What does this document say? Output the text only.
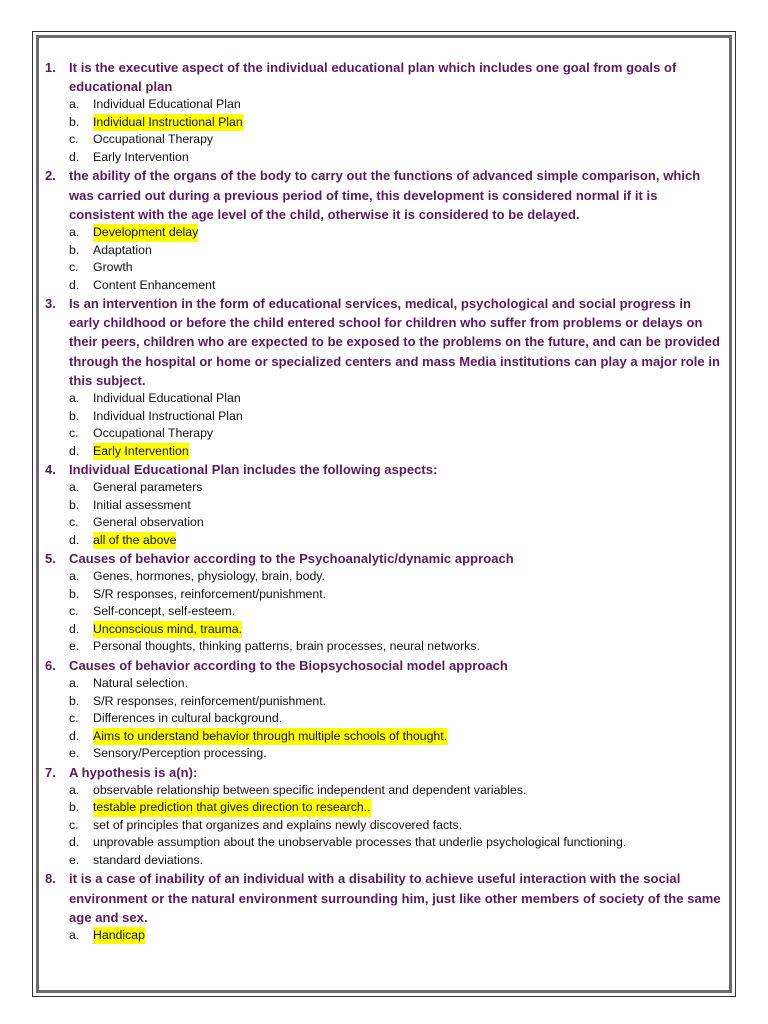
1.	It is the executive aspect of the individual educational plan which includes one goal from goals of educational plan
a.	Individual Educational Plan
b.	Individual Instructional Plan
c.	Occupational Therapy
d.	Early Intervention
2.	the ability of the organs of the body to carry out the functions of advanced simple comparison, which was carried out during a previous period of time, this development is considered normal if it is consistent with the age level of the child, otherwise it is considered to be delayed.
a.	Development delay
b.	Adaptation
c.	Growth
d.	Content Enhancement
3.	Is an intervention in the form of educational services, medical, psychological and social progress in early childhood or before the child entered school for children who suffer from problems or delays on their peers, children who are expected to be exposed to the problems on the future, and can be provided through the hospital or home or specialized centers and mass Media institutions can play a major role in this subject.
a.	Individual Educational Plan
b.	Individual Instructional Plan
c.	Occupational Therapy
d.	Early Intervention
4.	Individual Educational Plan includes the following aspects:
a.	General parameters
b.	Initial assessment
c.	General observation
d.	all of the above
5.	Causes of behavior according to the Psychoanalytic/dynamic approach
a.	Genes, hormones, physiology, brain, body.
b.	S/R responses, reinforcement/punishment.
c.	Self-concept, self-esteem.
d.	Unconscious mind, trauma.
e.	Personal thoughts, thinking patterns, brain processes, neural networks.
6.	Causes of behavior according to the Biopsychosocial model approach
a.	Natural selection.
b.	S/R responses, reinforcement/punishment.
c.	Differences in cultural background.
d.	Aims to understand behavior through multiple schools of thought.
e.	Sensory/Perception processing.
7.	A hypothesis is a(n):
a.	observable relationship between specific independent and dependent variables.
b.	testable prediction that gives direction to research..
c.	set of principles that organizes and explains newly discovered facts.
d.	unprovable assumption about the unobservable processes that underlie psychological functioning.
e.	standard deviations.
8.	it is a case of inability of an individual with a disability to achieve useful interaction with the social environment or the natural environment surrounding him, just like other members of society of the same age and sex.
a.	Handicap
